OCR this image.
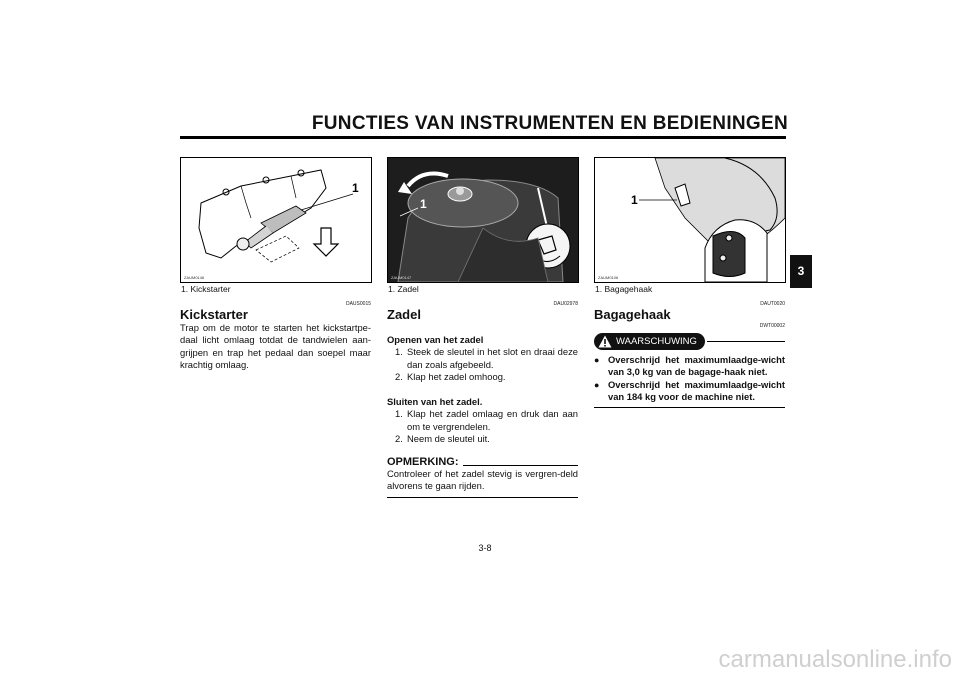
FUNCTIES VAN INSTRUMENTEN EN BEDIENINGEN
3
1
ZAUM0146
1. Kickstarter
DAUS0015
Kickstarter
Trap om de motor te starten het kickstartpe-daal licht omlaag totdat de tandwielen aan-grijpen en trap het pedaal dan soepel maar krachtig omlaag.
1
ZAUM0147
1. Zadel
DAU02978
Zadel

Openen van het zadel

1. Steek de sleutel in het slot en draai deze dan zoals afgebeeld.
2. Klap het zadel omhoog.

Sluiten van het zadel.

1. Klap het zadel omlaag en druk dan aan om te vergrendelen.
2. Neem de sleutel uit.
OPMERKING:
Controleer of het zadel stevig is vergren-deld alvorens te gaan rijden.
1
ZAUM0106
1. Bagagehaak
DAUT0020
Bagagehaak
DWT00002
WAARSCHUWING
● Overschrijd het maximumlaadge-wicht van 3,0 kg van de bagage-haak niet.
● Overschrijd het maximumlaadge-wicht van 184 kg voor de machine niet.
3-8
carmanualsonline.info
